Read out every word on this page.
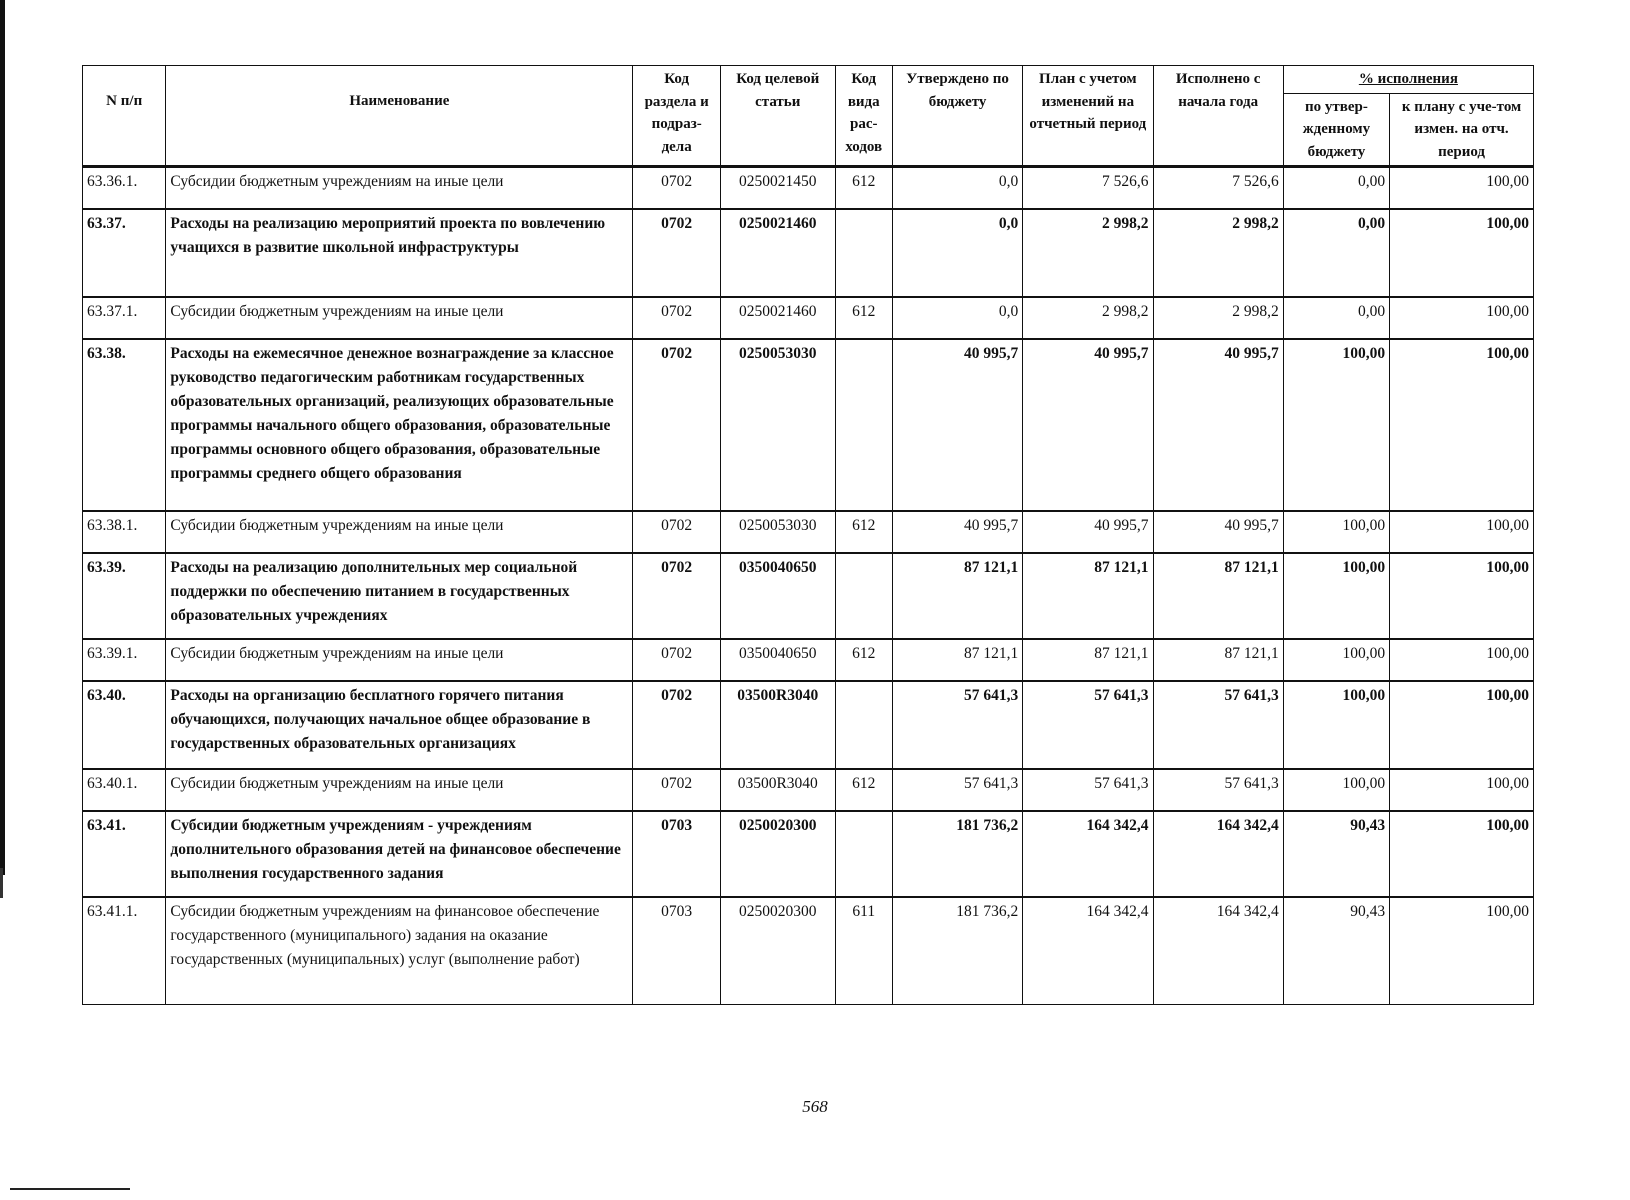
N п/п	Наименование	Код раздела и подраз-дела	Код целевой статьи	Код вида рас-ходов	Утверждено по бюджету	План с учетом изменений на отчетный период	Исполнено с начала года	% исполнения	
								по утвер-жденному бюджету	к плану с уче-том измен. на отч. период
63.36.1.	Субсидии бюджетным учреждениям на иные цели	0702	0250021450	612	0,0	7 526,6	7 526,6	0,00	100,00
63.37.	Расходы на реализацию мероприятий проекта по вовлечению учащихся в развитие школьной инфраструктуры	0702	0250021460		0,0	2 998,2	2 998,2	0,00	100,00
63.37.1.	Субсидии бюджетным учреждениям на иные цели	0702	0250021460	612	0,0	2 998,2	2 998,2	0,00	100,00
63.38.	Расходы на ежемесячное денежное вознаграждение за классное руководство педагогическим работникам государственных образовательных организаций, реализующих образовательные программы начального общего образования, образовательные программы основного общего образования, образовательные программы среднего общего образования	0702	0250053030		40 995,7	40 995,7	40 995,7	100,00	100,00
63.38.1.	Субсидии бюджетным учреждениям на иные цели	0702	0250053030	612	40 995,7	40 995,7	40 995,7	100,00	100,00
63.39.	Расходы на реализацию дополнительных мер социальной поддержки по обеспечению питанием в государственных образовательных учреждениях	0702	0350040650		87 121,1	87 121,1	87 121,1	100,00	100,00
63.39.1.	Субсидии бюджетным учреждениям на иные цели	0702	0350040650	612	87 121,1	87 121,1	87 121,1	100,00	100,00
63.40.	Расходы на организацию бесплатного горячего питания обучающихся, получающих начальное общее образование в государственных образовательных организациях	0702	03500R3040		57 641,3	57 641,3	57 641,3	100,00	100,00
63.40.1.	Субсидии бюджетным учреждениям на иные цели	0702	03500R3040	612	57 641,3	57 641,3	57 641,3	100,00	100,00
63.41.	Субсидии бюджетным учреждениям - учреждениям дополнительного образования детей на финансовое обеспечение выполнения государственного задания	0703	0250020300		181 736,2	164 342,4	164 342,4	90,43	100,00
63.41.1.	Субсидии бюджетным учреждениям на финансовое обеспечение государственного (муниципального) задания на оказание государственных (муниципальных) услуг (выполнение работ)	0703	0250020300	611	181 736,2	164 342,4	164 342,4	90,43	100,00
568
